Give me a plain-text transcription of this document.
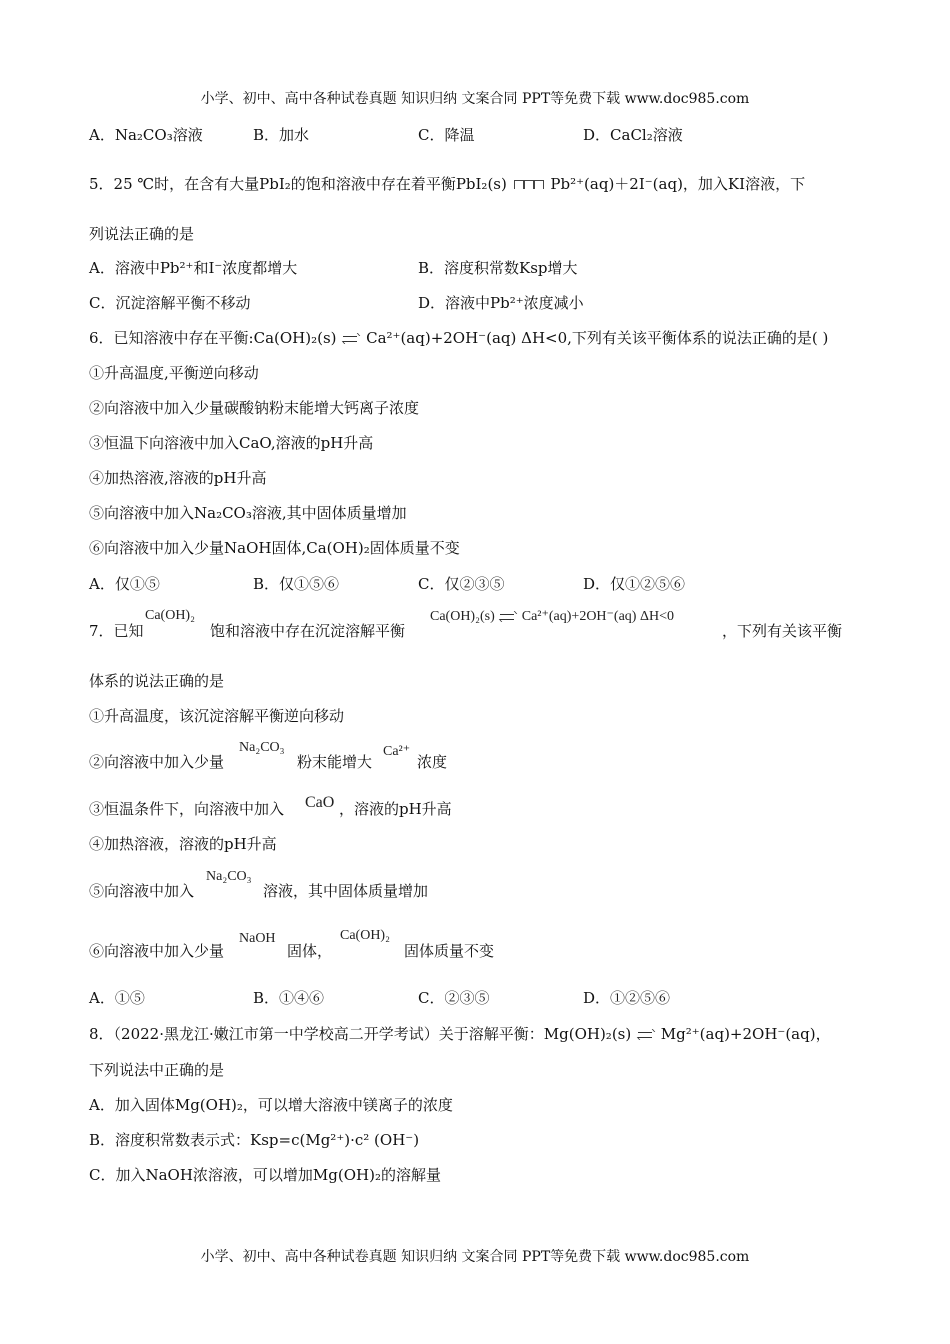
小学、初中、高中各种试卷真题 知识归纳 文案合同 PPT等免费下载 www.doc985.com
A．Na₂CO₃溶液	B．加水	C．降温	D．CaCl₂溶液
5．25 ℃时，在含有大量PbI₂的饱和溶液中存在着平衡PbI₂(s)	Pb²⁺(aq)＋2I⁻(aq)，加入KI溶液，下
列说法正确的是
A．溶液中Pb²⁺和I⁻浓度都增大	B．溶度积常数Ksp增大
C．沉淀溶解平衡不移动	D．溶液中Pb²⁺浓度减小
6．已知溶液中存在平衡:Ca(OH)₂(s) Ca²⁺(aq)+2OH⁻(aq) ΔH<0,下列有关该平衡体系的说法正确的是( )
①升高温度,平衡逆向移动
②向溶液中加入少量碳酸钠粉末能增大钙离子浓度
③恒温下向溶液中加入CaO,溶液的pH升高
④加热溶液,溶液的pH升高
⑤向溶液中加入Na₂CO₃溶液,其中固体质量增加
⑥向溶液中加入少量NaOH固体,Ca(OH)₂固体质量不变
A．仅①⑤	B．仅①⑤⑥	C．仅②③⑤	D．仅①②⑤⑥
7．已知
Ca(OH)₂
饱和溶液中存在沉淀溶解平衡
Ca(OH)₂(s) Ca²⁺(aq)+2OH⁻(aq) ΔH<0
，下列有关该平衡
体系的说法正确的是
①升高温度，该沉淀溶解平衡逆向移动
②向溶液中加入少量
Na₂CO₃
粉末能增大
Ca²⁺
浓度
③恒温条件下，向溶液中加入 CaO ，溶液的pH升高
④加热溶液，溶液的pH升高
⑤向溶液中加入
Na₂CO₃
溶液，其中固体质量增加
⑥向溶液中加入少量
NaOH
固体，
Ca(OH)₂
固体质量不变
A．①⑤	B．①④⑥	C．②③⑤	D．①②⑤⑥
8．（2022·黑龙江·嫩江市第一中学校高二开学考试）关于溶解平衡：Mg(OH)₂(s) Mg²⁺(aq)+2OH⁻(aq)，
下列说法中正确的是
A．加入固体Mg(OH)₂，可以增大溶液中镁离子的浓度
B．溶度积常数表示式：Ksp=c(Mg²⁺)·c² (OH⁻)
C．加入NaOH浓溶液，可以增加Mg(OH)₂的溶解量
小学、初中、高中各种试卷真题 知识归纳 文案合同 PPT等免费下载 www.doc985.com
